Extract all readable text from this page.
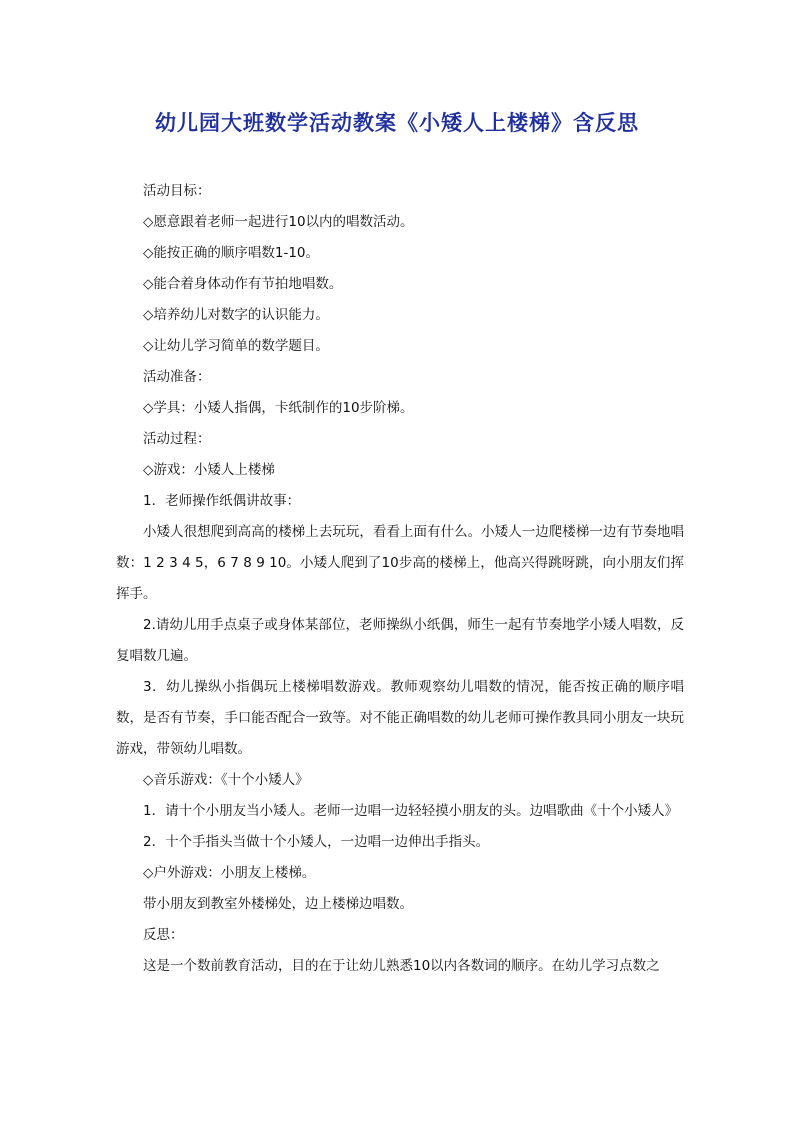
幼儿园大班数学活动教案《小矮人上楼梯》含反思

活动目标：

◇愿意跟着老师一起进行10以内的唱数活动。

◇能按正确的顺序唱数1-10。

◇能合着身体动作有节拍地唱数。

◇培养幼儿对数字的认识能力。

◇让幼儿学习简单的数学题目。

活动准备：

◇学具：小矮人指偶，卡纸制作的10步阶梯。

活动过程：

◇游戏：小矮人上楼梯

1．老师操作纸偶讲故事：

小矮人很想爬到高高的楼梯上去玩玩，看看上面有什么。小矮人一边爬楼梯一边有节奏地唱数：1 2 3 4 5，6 7 8 9 10。小矮人爬到了10步高的楼梯上，他高兴得跳呀跳，向小朋友们挥挥手。

2.请幼儿用手点桌子或身体某部位，老师操纵小纸偶，师生一起有节奏地学小矮人唱数，反复唱数几遍。

3．幼儿操纵小指偶玩上楼梯唱数游戏。教师观察幼儿唱数的情况，能否按正确的顺序唱数，是否有节奏，手口能否配合一致等。对不能正确唱数的幼儿老师可操作教具同小朋友一块玩游戏，带领幼儿唱数。

◇音乐游戏：《十个小矮人》

1．请十个小朋友当小矮人。老师一边唱一边轻轻摸小朋友的头。边唱歌曲《十个小矮人》

2．十个手指头当做十个小矮人，一边唱一边伸出手指头。

◇户外游戏：小朋友上楼梯。

带小朋友到教室外楼梯处，边上楼梯边唱数。

反思：

这是一个数前教育活动，目的在于让幼儿熟悉10以内各数词的顺序。在幼儿学习点数之
